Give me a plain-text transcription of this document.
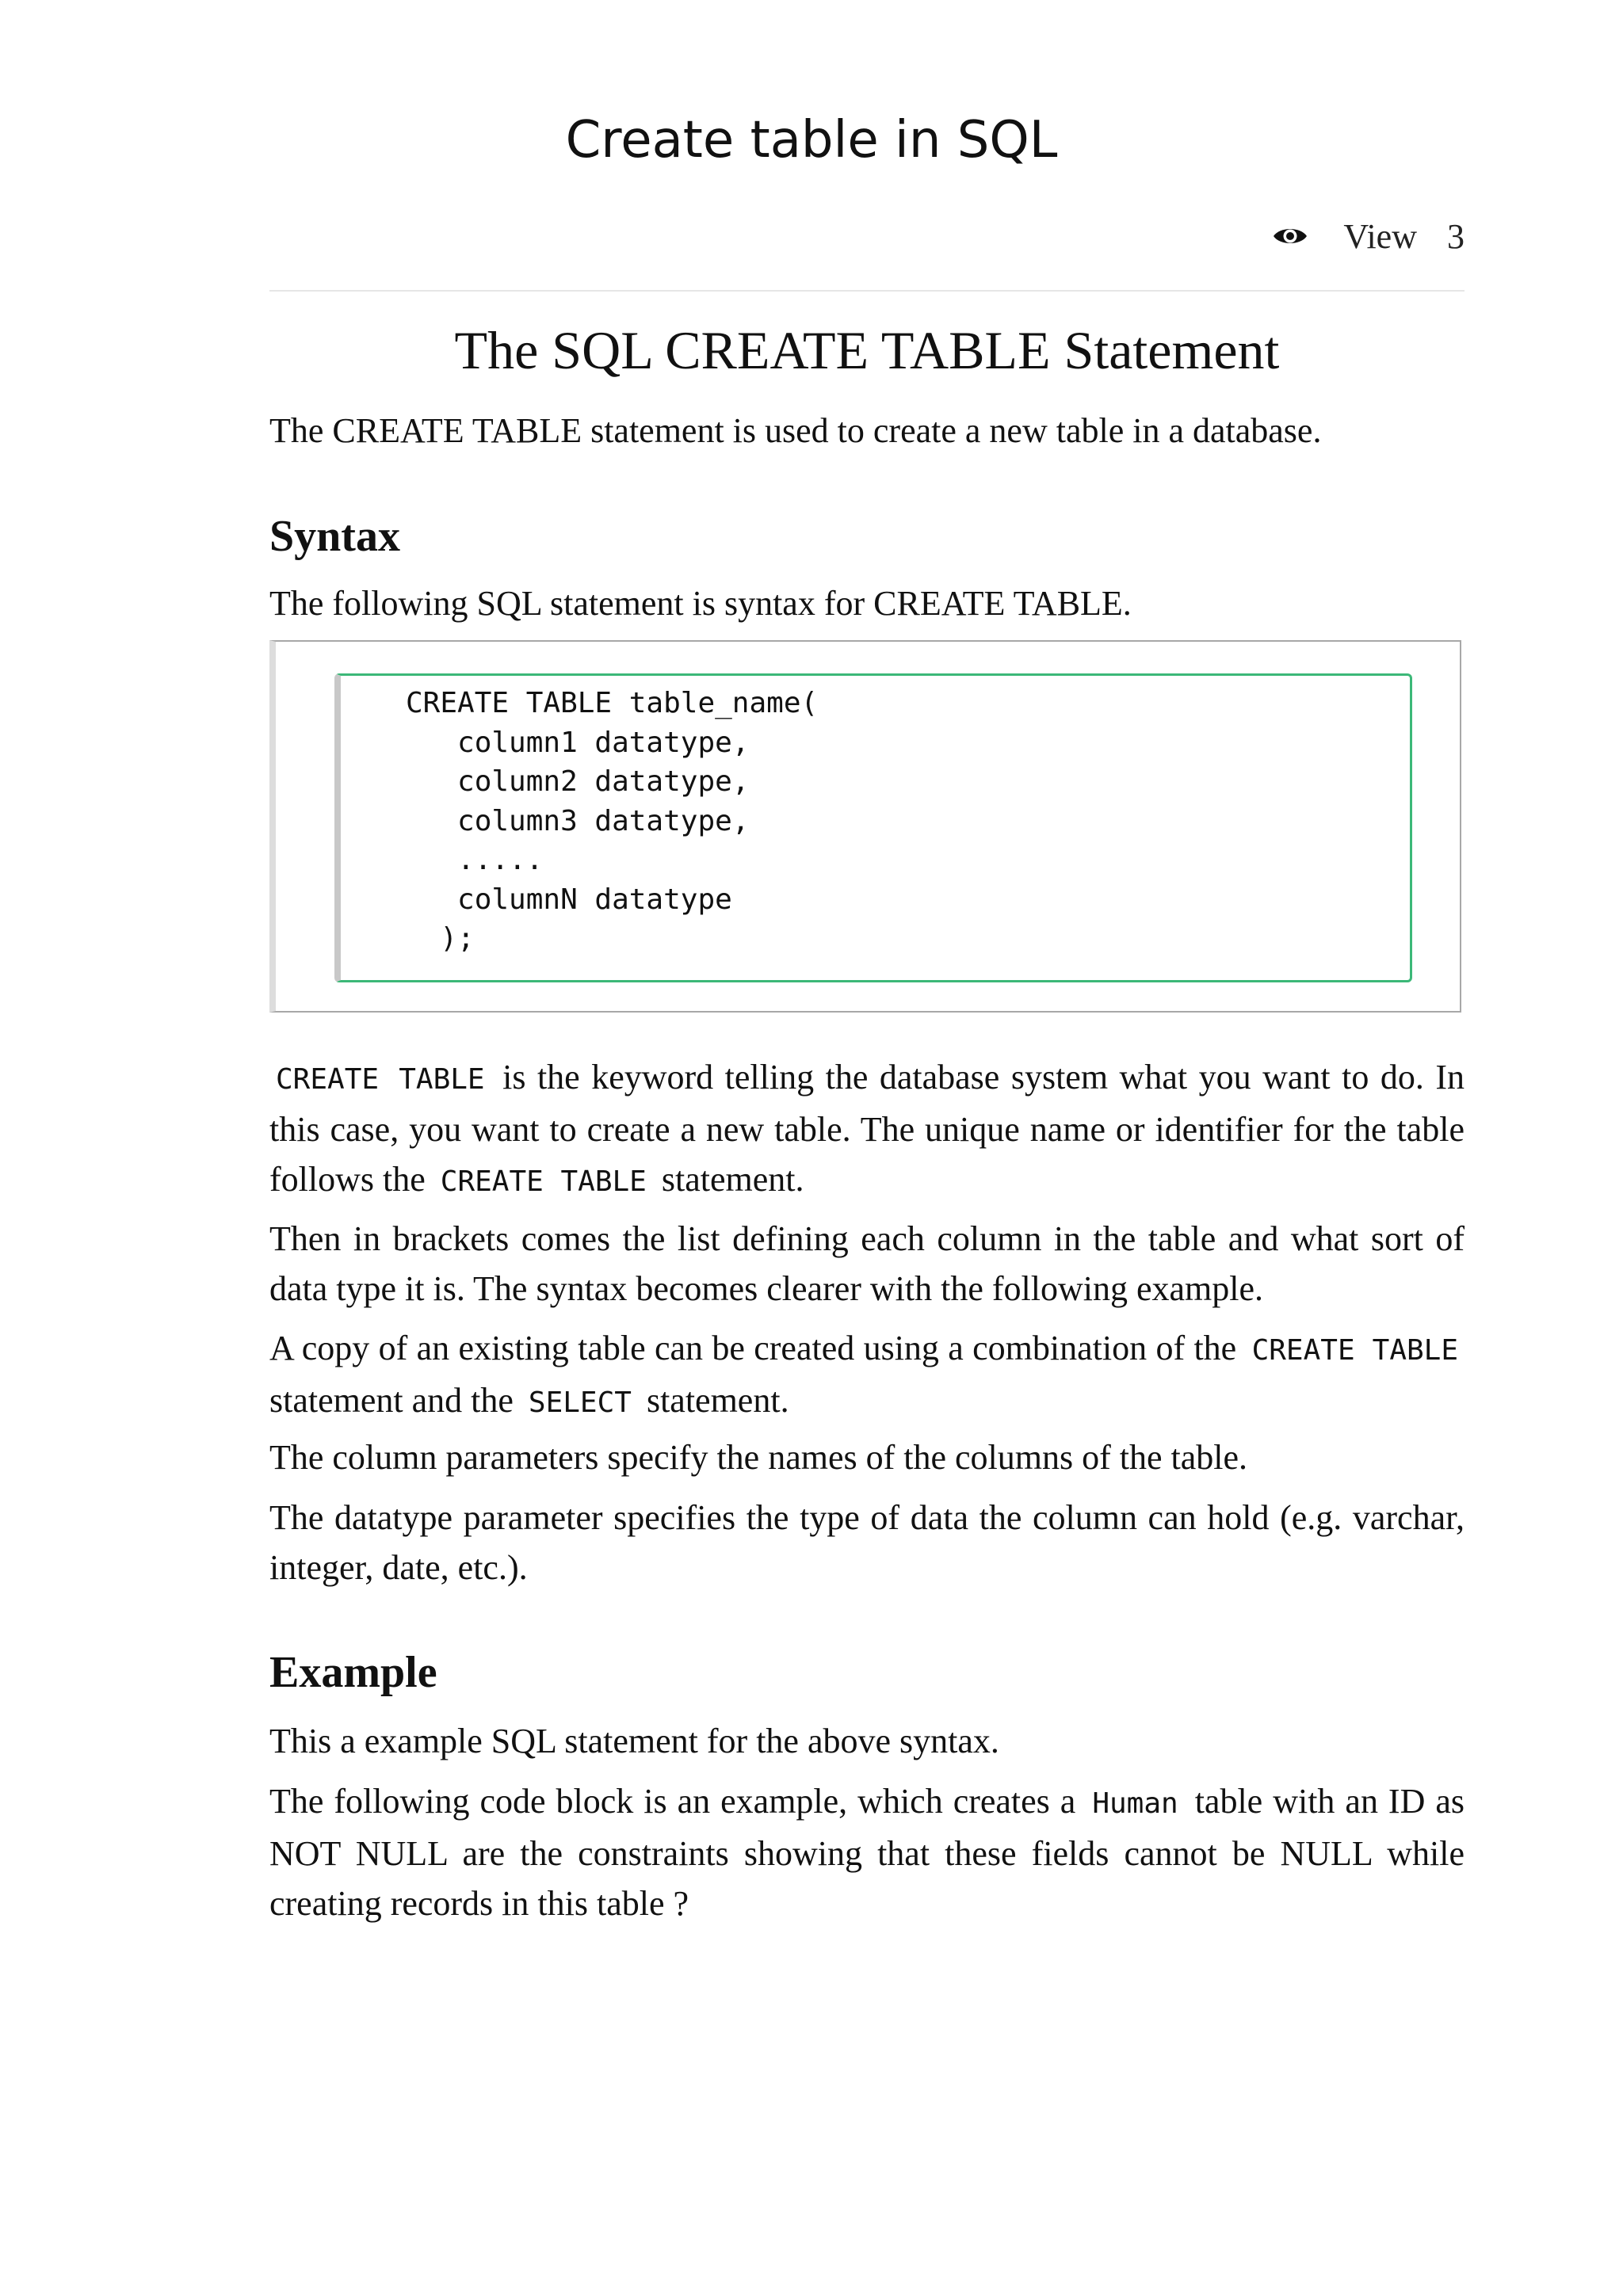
Create table in SQL
View 3
The SQL CREATE TABLE Statement

The CREATE TABLE statement is used to create a new table in a database.

Syntax

The following SQL statement is syntax for CREATE TABLE.

CREATE TABLE table_name(
column1 datatype,
column2 datatype,
column3 datatype,
.....
columnN datatype
);

CREATE TABLE is the keyword telling the database system what you want to do. In this case, you want to create a new table. The unique name or identifier for the table follows the CREATE TABLE statement.

Then in brackets comes the list defining each column in the table and what sort of data type it is. The syntax becomes clearer with the following example.

A copy of an existing table can be created using a combination of the CREATE TABLE statement and the SELECT statement.

The column parameters specify the names of the columns of the table.

The datatype parameter specifies the type of data the column can hold (e.g. varchar, integer, date, etc.).

Example

This a example SQL statement for the above syntax.

The following code block is an example, which creates a Human table with an ID as NOT NULL are the constraints showing that these fields cannot be NULL while creating records in this table ?
